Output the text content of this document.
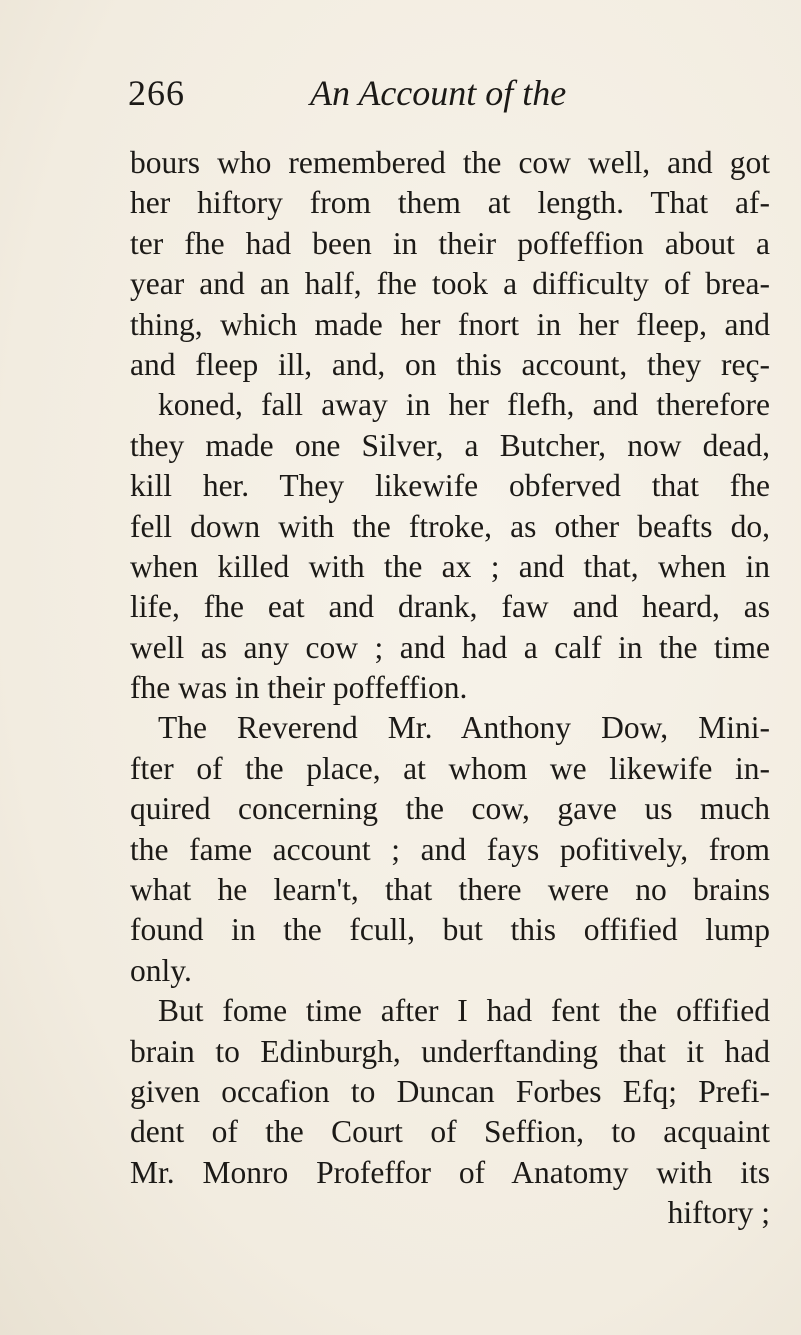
266	An Account of the
bours who remembered the cow well, and got
her hiftory from them at length. That af-
ter fhe had been in their poffeffion about a
year and an half, fhe took a difficulty of brea-
thing, which made her fnort in her fleep, and
and fleep ill, and, on this account, they reç-
koned, fall away in her flefh, and therefore
they made one Silver, a Butcher, now dead,
kill her. They likewife obferved that fhe
fell down with the ftroke, as other beafts do,
when killed with the ax ; and that, when in
life, fhe eat and drank, faw and heard, as
well as any cow ; and had a calf in the time
fhe was in their poffeffion.
The Reverend Mr. Anthony Dow, Mini-
fter of the place, at whom we likewife in-
quired concerning the cow, gave us much
the fame account ; and fays pofitively, from
what he learn't, that there were no brains
found in the fcull, but this offified lump
only.
But fome time after I had fent the offified
brain to Edinburgh, underftanding that it had
given occafion to Duncan Forbes Efq; Prefi-
dent of the Court of Seffion, to acquaint
Mr. Monro Profeffor of Anatomy with its
hiftory ;
